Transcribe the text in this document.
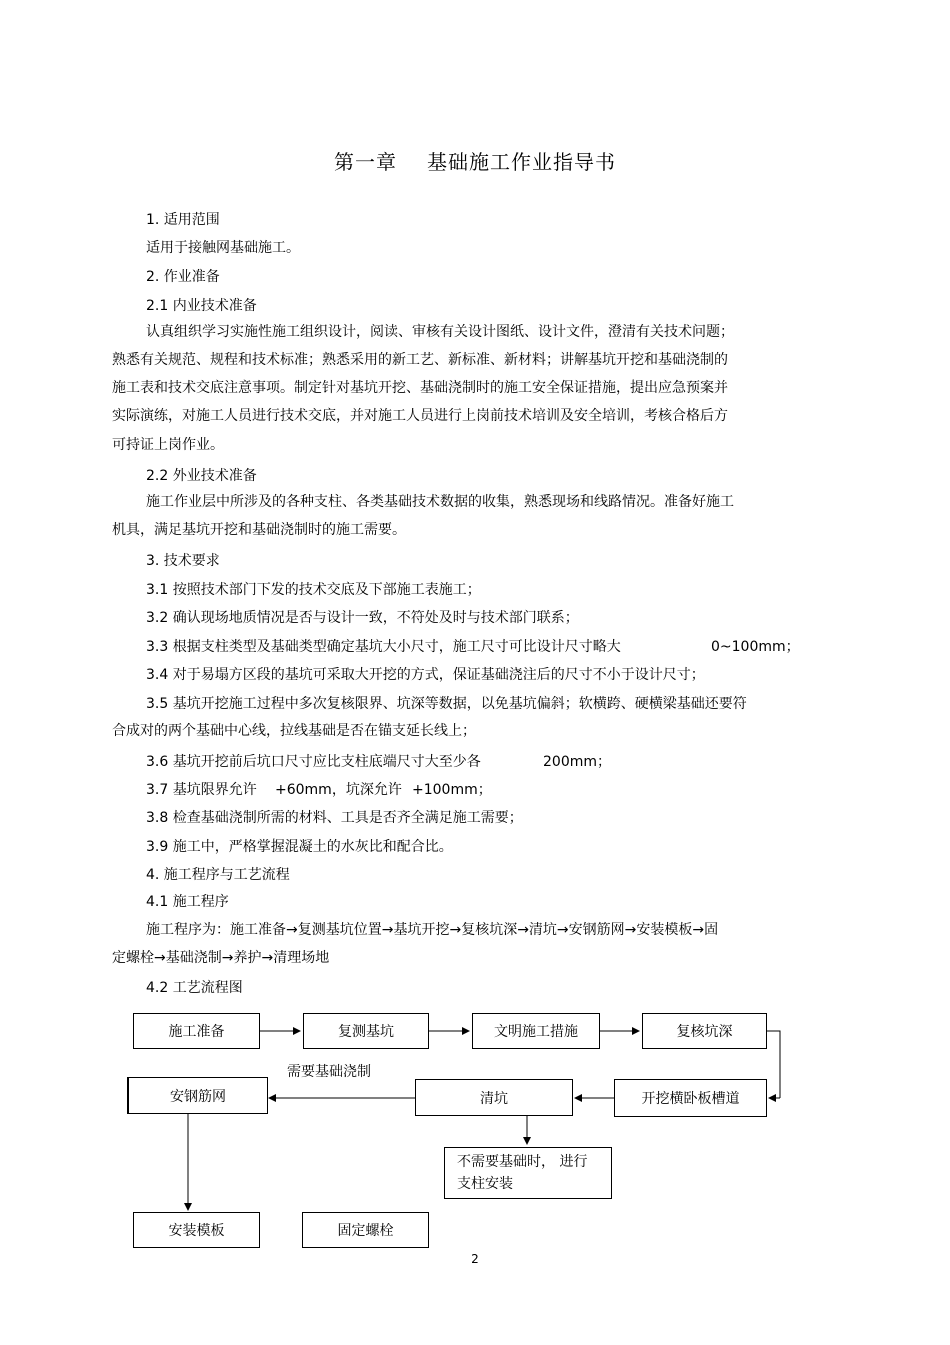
第一章 基础施工作业指导书
1. 适用范围
适用于接触网基础施工。
2. 作业准备
2.1 内业技术准备
认真组织学习实施性施工组织设计，阅读、审核有关设计图纸、设计文件，澄清有关技术问题；
熟悉有关规范、规程和技术标准；熟悉采用的新工艺、新标准、新材料；讲解基坑开挖和基础浇制的
施工表和技术交底注意事项。制定针对基坑开挖、基础浇制时的施工安全保证措施，提出应急预案并
实际演练，对施工人员进行技术交底，并对施工人员进行上岗前技术培训及安全培训，考核合格后方
可持证上岗作业。
2.2 外业技术准备
施工作业层中所涉及的各种支柱、各类基础技术数据的收集，熟悉现场和线路情况。准备好施工
机具，满足基坑开挖和基础浇制时的施工需要。
3. 技术要求
3.1 按照技术部门下发的技术交底及下部施工表施工；
3.2 确认现场地质情况是否与设计一致，不符处及时与技术部门联系；
3.3 根据支柱类型及基础类型确定基坑大小尺寸，施工尺寸可比设计尺寸略大	0~100mm；
3.4 对于易塌方区段的基坑可采取大开挖的方式，保证基础浇注后的尺寸不小于设计尺寸；
3.5 基坑开挖施工过程中多次复核限界、坑深等数据，以免基坑偏斜；软横跨、硬横梁基础还要符
合成对的两个基础中心线，拉线基础是否在锚支延长线上；
3.6 基坑开挖前后坑口尺寸应比支柱底端尺寸大至少各	200mm；
3.7 基坑限界允许 +60mm，坑深允许 +100mm；
3.8 检查基础浇制所需的材料、工具是否齐全满足施工需要；
3.9 施工中，严格掌握混凝土的水灰比和配合比。
4. 施工程序与工艺流程
4.1 施工程序
施工程序为：施工准备→复测基坑位置→基坑开挖→复核坑深→清坑→安钢筋网→安装模板→固
定螺栓→基础浇制→养护→清理场地
4.2 工艺流程图
施工准备	复测基坑	文明施工措施	复核坑深
开挖横卧板槽道
清坑
安钢筋网
不需要基础时， 进行
支柱安装
安装模板	固定螺栓
需要基础浇制
2
